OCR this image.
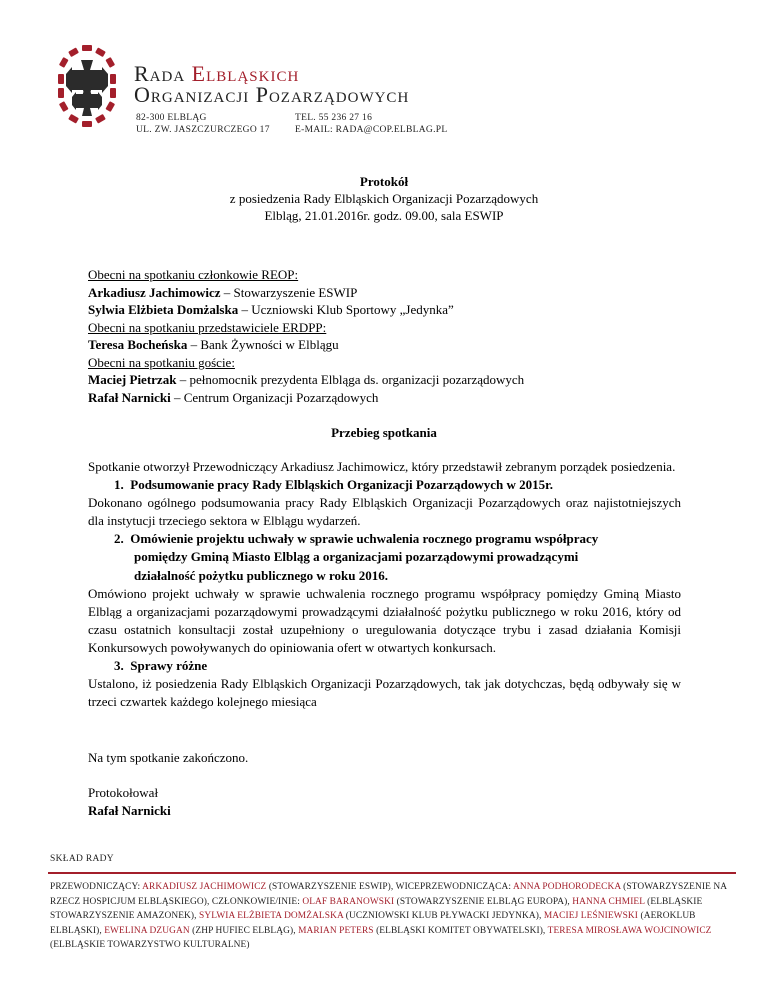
Rada Elbląskich
Organizacji Pozarządowych
82-300 ELBLĄG
UL. ZW. JASZCZURCZEGO 17
TEL. 55 236 27 16
E-MAIL: RADA@COP.ELBLAG.PL
Protokół
z posiedzenia Rady Elbląskich Organizacji Pozarządowych
Elbląg, 21.01.2016r. godz. 09.00, sala ESWIP
Obecni na spotkaniu członkowie REOP:
Arkadiusz Jachimowicz – Stowarzyszenie ESWIP
Sylwia Elżbieta Domżalska – Uczniowski Klub Sportowy „Jedynka”
Obecni na spotkaniu przedstawiciele ERDPP:
Teresa Bocheńska – Bank Żywności w Elblągu
Obecni na spotkaniu goście:
Maciej Pietrzak – pełnomocnik prezydenta Elbląga ds. organizacji pozarządowych
Rafał Narnicki – Centrum Organizacji Pozarządowych
Przebieg spotkania
Spotkanie otworzył Przewodniczący Arkadiusz Jachimowicz, który przedstawił zebranym porządek posiedzenia.
1. Podsumowanie pracy Rady Elbląskich Organizacji Pozarządowych w 2015r.
Dokonano ogólnego podsumowania pracy Rady Elbląskich Organizacji Pozarządowych oraz najistotniejszych dla instytucji trzeciego sektora w Elblągu wydarzeń.
2. Omówienie projektu uchwały w sprawie uchwalenia rocznego programu współpracy
pomiędzy Gminą Miasto Elbląg a organizacjami pozarządowymi prowadzącymi
działalność pożytku publicznego w roku 2016.
Omówiono projekt uchwały w sprawie uchwalenia rocznego programu współpracy pomiędzy Gminą Miasto Elbląg a organizacjami pozarządowymi prowadzącymi działalność pożytku publicznego w roku 2016, który od czasu ostatnich konsultacji został uzupełniony o uregulowania dotyczące trybu i zasad działania Komisji Konkursowych powoływanych do opiniowania ofert w otwartych konkursach.
3. Sprawy różne
Ustalono, iż posiedzenia Rady Elbląskich Organizacji Pozarządowych, tak jak dotychczas, będą odbywały się w trzeci czwartek każdego kolejnego miesiąca
Na tym spotkanie zakończono.
Protokołował
Rafał Narnicki
SKŁAD RADY
PRZEWODNICZĄCY: ARKADIUSZ JACHIMOWICZ (STOWARZYSZENIE ESWIP), WICEPRZEWODNICZĄCA: ANNA PODHORODECKA (STOWARZYSZENIE NA RZECZ HOSPICJUM ELBLĄSKIEGO), CZŁONKOWIE/INIE: OLAF BARANOWSKI (STOWARZYSZENIE ELBLĄG EUROPA), HANNA CHMIEL (ELBLĄSKIE STOWARZYSZENIE AMAZONEK), SYLWIA ELŻBIETA DOMŻALSKA (UCZNIOWSKI KLUB PŁYWACKI JEDYNKA), MACIEJ LEŚNIEWSKI (AEROKLUB ELBLĄSKI), EWELINA DZUGAN (ZHP HUFIEC ELBLĄG), MARIAN PETERS (ELBLĄSKI KOMITET OBYWATELSKI), TERESA MIROSŁAWA WOJCINOWICZ (ELBLĄSKIE TOWARZYSTWO KULTURALNE)
